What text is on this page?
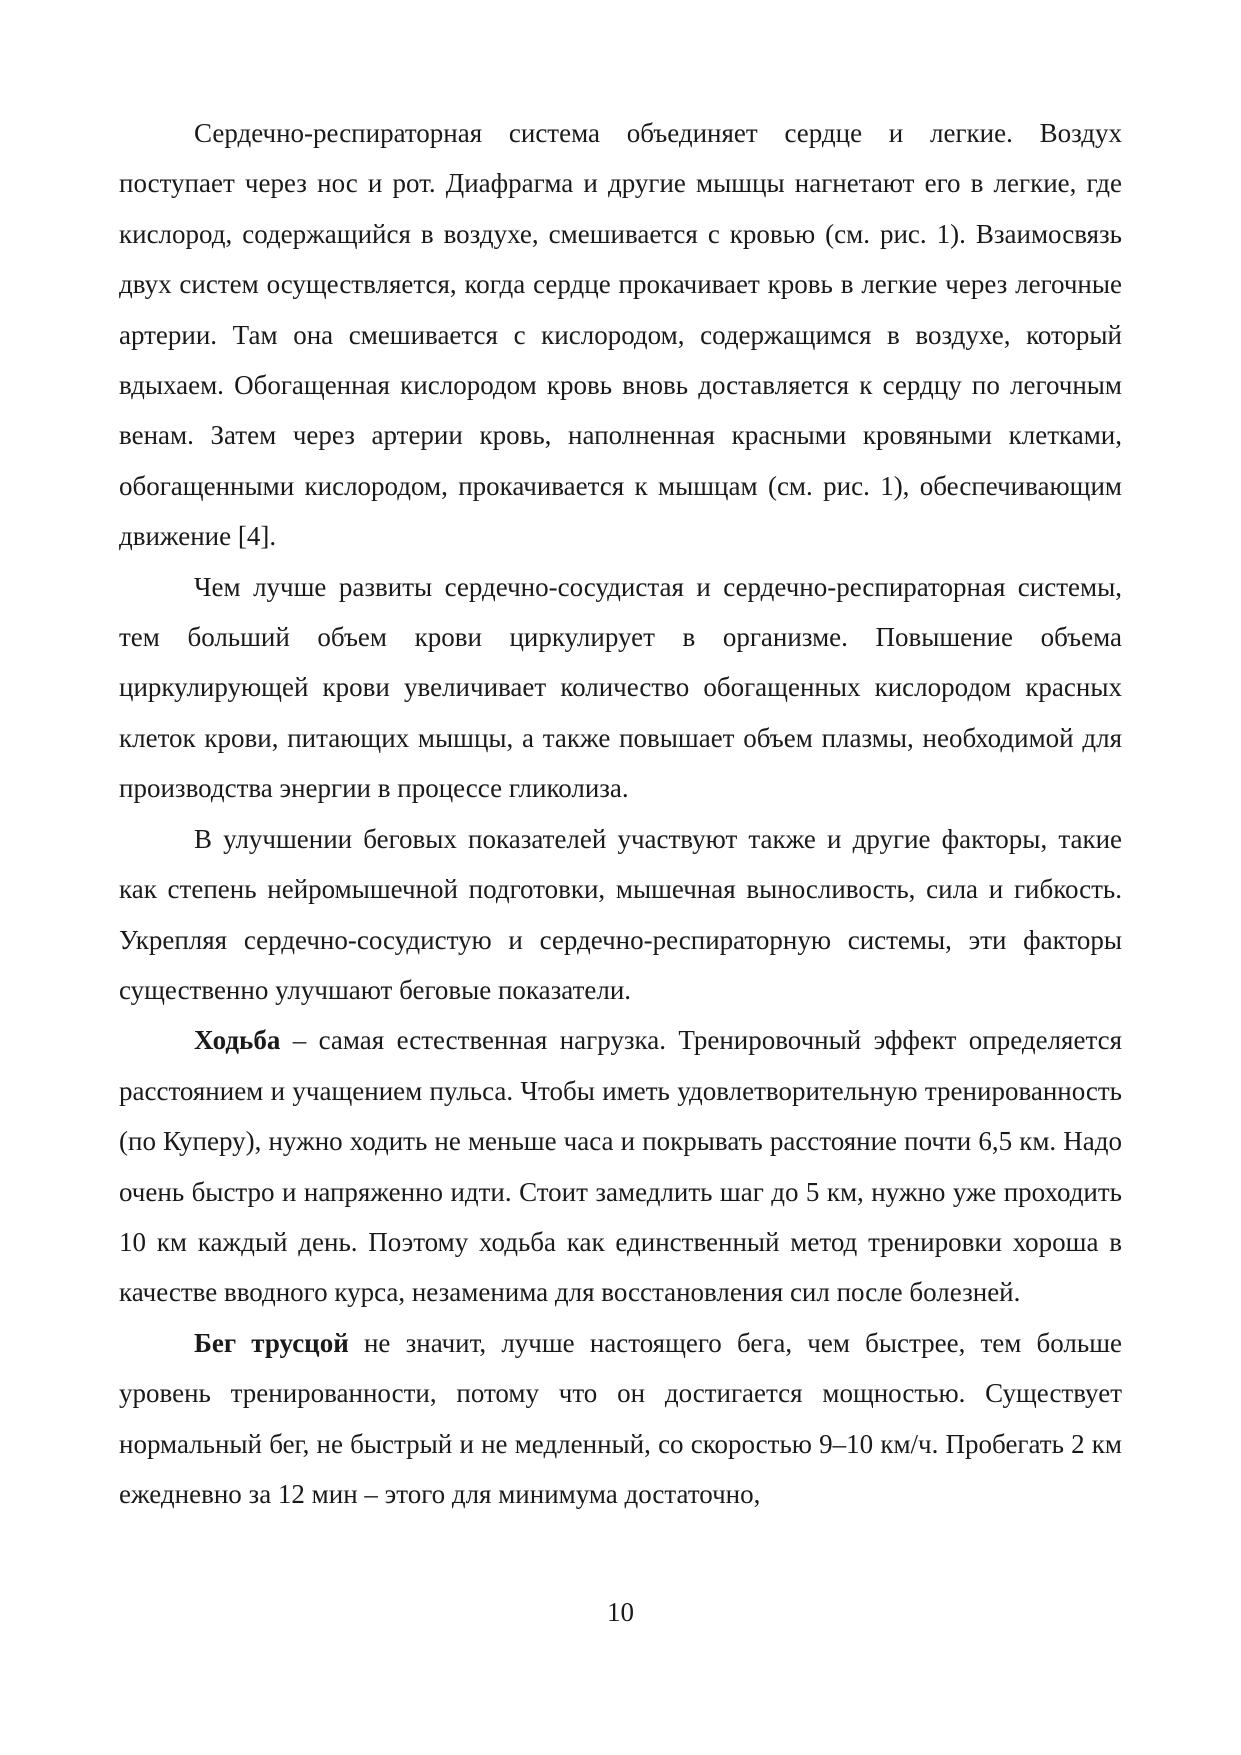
Сердечно-респираторная система объединяет сердце и легкие. Воздух поступает через нос и рот. Диафрагма и другие мышцы нагнетают его в легкие, где кислород, содержащийся в воздухе, смешивается с кровью (см. рис. 1). Взаимосвязь двух систем осуществляется, когда сердце прокачивает кровь в легкие через легочные артерии. Там она смешивается с кислородом, содержащимся в воздухе, который вдыхаем. Обогащенная кислородом кровь вновь доставляется к сердцу по легочным венам. Затем через артерии кровь, наполненная красными кровяными клетками, обогащенными кислородом, прокачивается к мышцам (см. рис. 1), обеспечивающим движение [4].

Чем лучше развиты сердечно-сосудистая и сердечно-респираторная системы, тем больший объем крови циркулирует в организме. Повышение объема циркулирующей крови увеличивает количество обогащенных кислородом красных клеток крови, питающих мышцы, а также повышает объем плазмы, необходимой для производства энергии в процессе гликолиза.

В улучшении беговых показателей участвуют также и другие факторы, такие как степень нейромышечной подготовки, мышечная выносливость, сила и гибкость. Укрепляя сердечно-сосудистую и сердечно-респираторную системы, эти факторы существенно улучшают беговые показатели.

Ходьба – самая естественная нагрузка. Тренировочный эффект определяется расстоянием и учащением пульса. Чтобы иметь удовлетворительную тренированность (по Куперу), нужно ходить не меньше часа и покрывать расстояние почти 6,5 км. Надо очень быстро и напряженно идти. Стоит замедлить шаг до 5 км, нужно уже проходить 10 км каждый день. Поэтому ходьба как единственный метод тренировки хороша в качестве вводного курса, незаменима для восстановления сил после болезней.

Бег трусцой не значит, лучше настоящего бега, чем быстрее, тем больше уровень тренированности, потому что он достигается мощностью. Существует нормальный бег, не быстрый и не медленный, со скоростью 9–10 км/ч. Пробегать 2 км ежедневно за 12 мин – этого для минимума достаточно,

10
